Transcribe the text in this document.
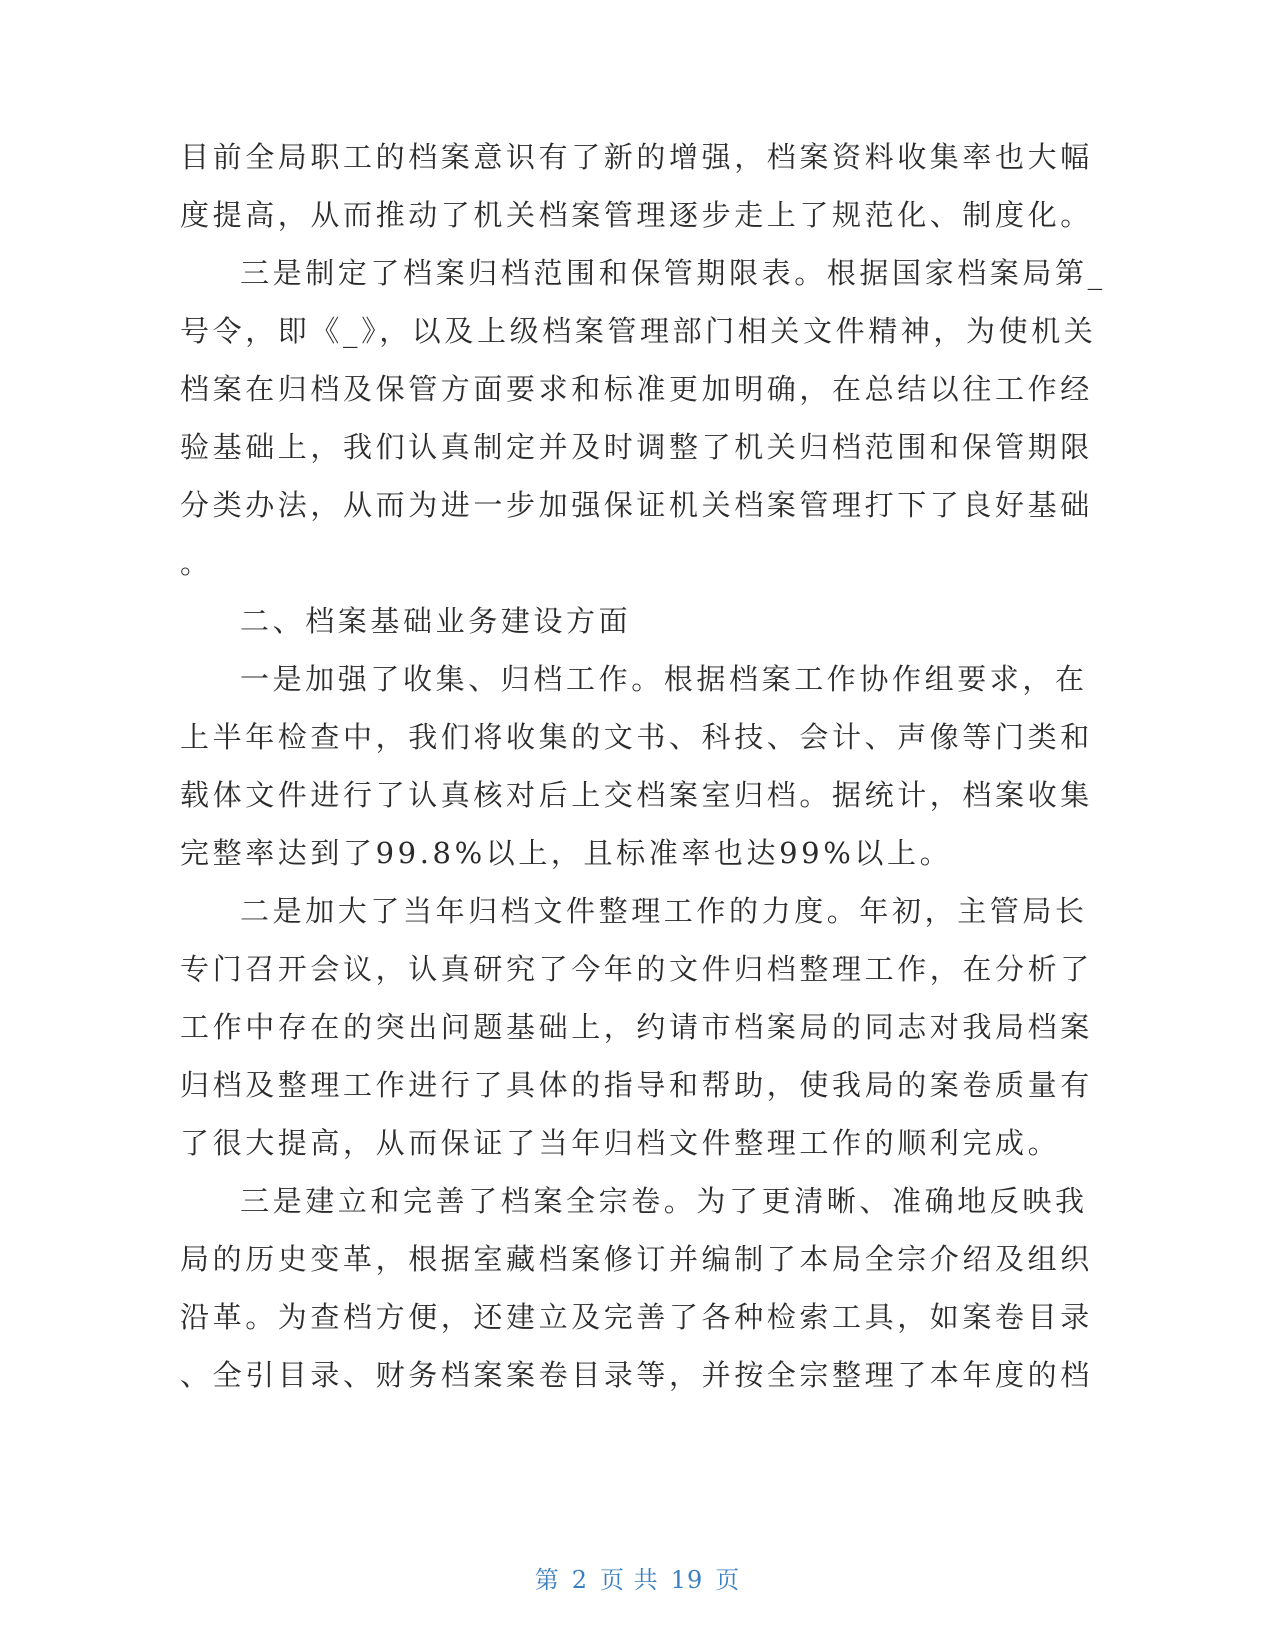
目前全局职工的档案意识有了新的增强，档案资料收集率也大幅
度提高，从而推动了机关档案管理逐步走上了规范化、制度化。
三是制定了档案归档范围和保管期限表。根据国家档案局第_
号令，即《_》，以及上级档案管理部门相关文件精神，为使机关
档案在归档及保管方面要求和标准更加明确，在总结以往工作经
验基础上，我们认真制定并及时调整了机关归档范围和保管期限
分类办法，从而为进一步加强保证机关档案管理打下了良好基础
。
二、档案基础业务建设方面
一是加强了收集、归档工作。根据档案工作协作组要求，在
上半年检查中，我们将收集的文书、科技、会计、声像等门类和
载体文件进行了认真核对后上交档案室归档。据统计，档案收集
完整率达到了99.8%以上，且标准率也达99%以上。
二是加大了当年归档文件整理工作的力度。年初，主管局长
专门召开会议，认真研究了今年的文件归档整理工作，在分析了
工作中存在的突出问题基础上，约请市档案局的同志对我局档案
归档及整理工作进行了具体的指导和帮助，使我局的案卷质量有
了很大提高，从而保证了当年归档文件整理工作的顺利完成。
三是建立和完善了档案全宗卷。为了更清晰、准确地反映我
局的历史变革，根据室藏档案修订并编制了本局全宗介绍及组织
沿革。为查档方便，还建立及完善了各种检索工具，如案卷目录
、全引目录、财务档案案卷目录等，并按全宗整理了本年度的档
第 2 页 共 19 页
